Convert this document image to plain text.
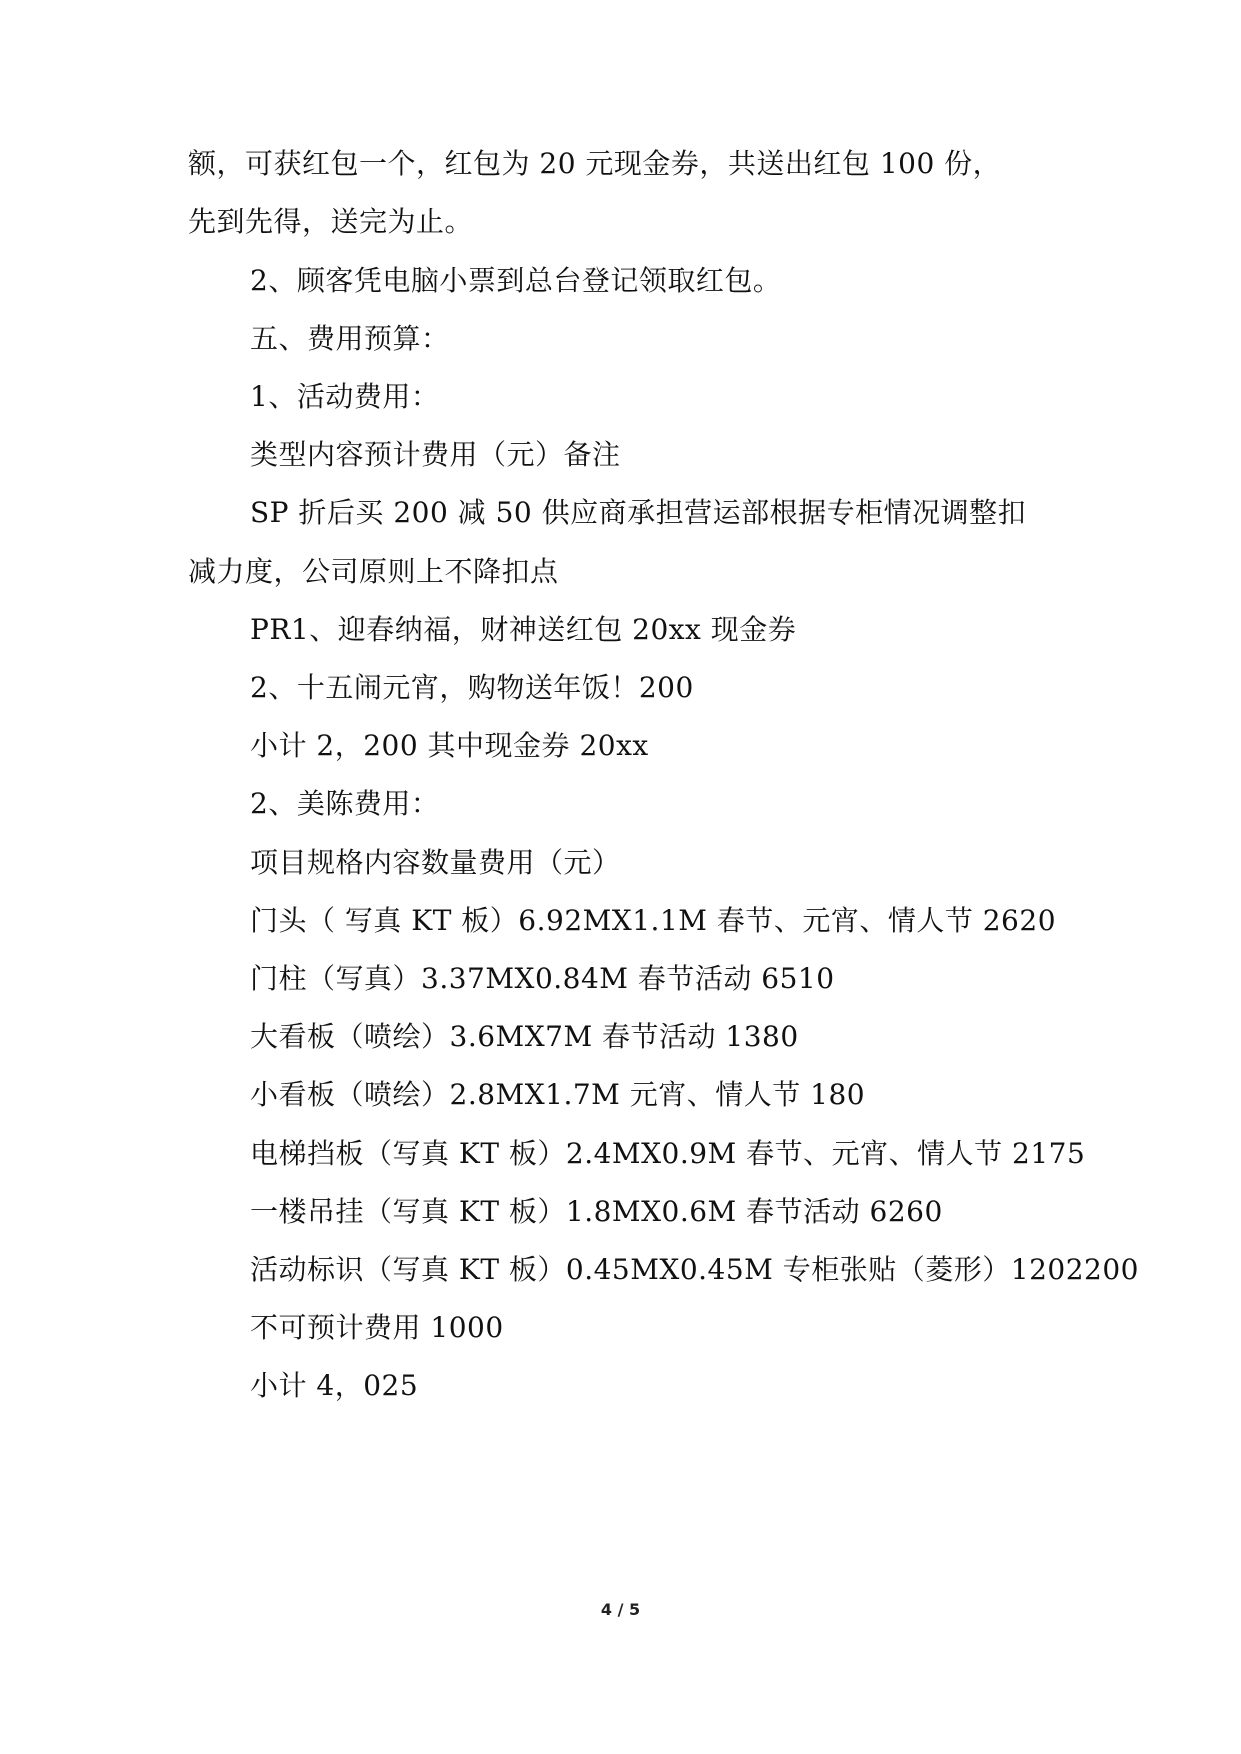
额，可获红包一个，红包为 20 元现金券，共送出红包 100 份，
先到先得，送完为止。
2、顾客凭电脑小票到总台登记领取红包。
五、费用预算：
1、活动费用：
类型内容预计费用（元）备注
SP 折后买 200 减 50 供应商承担营运部根据专柜情况调整扣
减力度，公司原则上不降扣点
PR1、迎春纳福，财神送红包 20xx 现金券
2、十五闹元宵，购物送年饭！200
小计 2，200 其中现金券 20xx
2、美陈费用：
项目规格内容数量费用（元）
门头（ 写真 KT 板）6.92MX1.1M 春节、元宵、情人节 2620
门柱（写真）3.37MX0.84M 春节活动 6510
大看板（喷绘）3.6MX7M 春节活动 1380
小看板（喷绘）2.8MX1.7M 元宵、情人节 180
电梯挡板（写真 KT 板）2.4MX0.9M 春节、元宵、情人节 2175
一楼吊挂（写真 KT 板）1.8MX0.6M 春节活动 6260
活动标识（写真 KT 板）0.45MX0.45M 专柜张贴（菱形）1202200
不可预计费用 1000
小计 4，025
4 / 5
